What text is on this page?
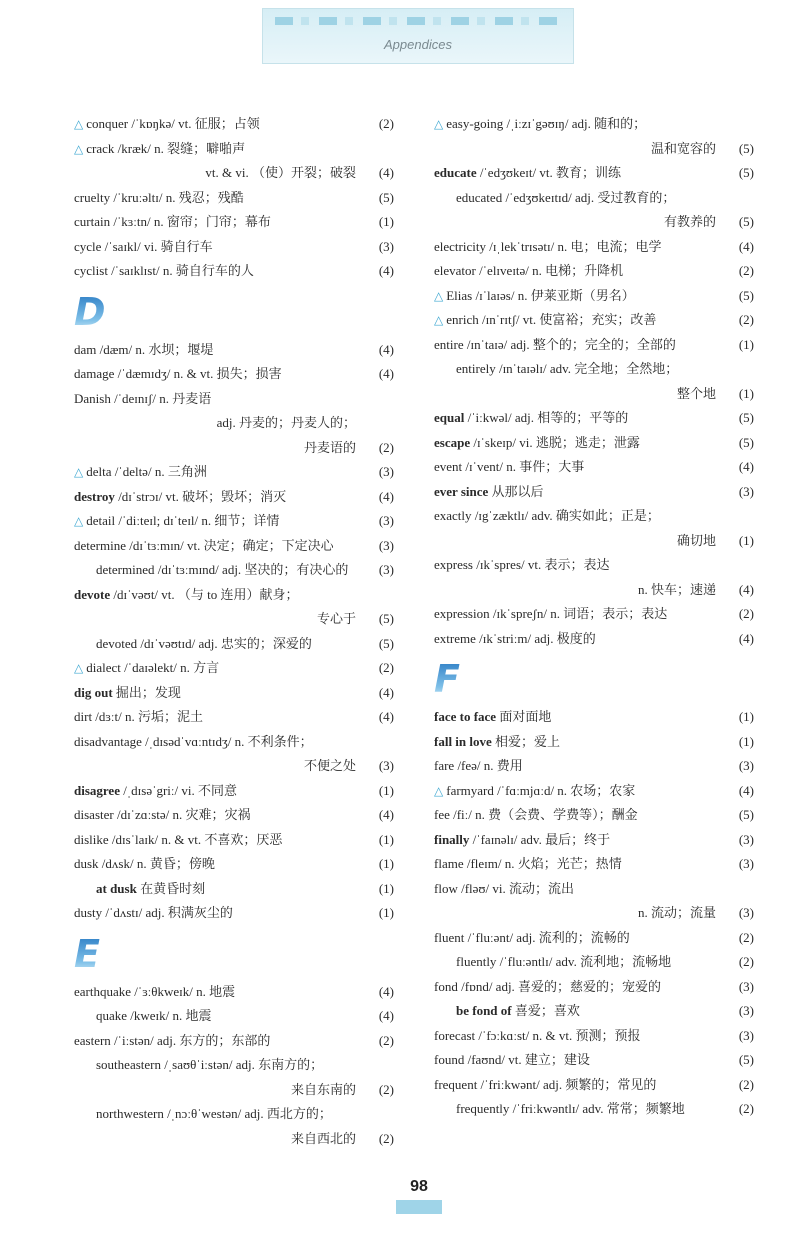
Appendices
△ conquer /ˈkɒŋkə/ vt. 征服；占领	(2)
△ crack /kræk/ n. 裂缝；噼啪声
vt. & vi. （使）开裂；破裂 (4)
cruelty /ˈkruːəltɪ/ n. 残忍；残酷	(5)
curtain /ˈkɜːtn/ n. 窗帘；门帘；幕布	(1)
cycle /ˈsaɪkl/ vi. 骑自行车	(3)
cyclist /ˈsaɪklɪst/ n. 骑自行车的人	(4)
D
dam /dæm/ n. 水坝；堰堤	(4)
damage /ˈdæmɪdʒ/ n. & vt. 损失；损害	(4)
Danish /ˈdeɪnɪʃ/ n. 丹麦语
adj. 丹麦的；丹麦人的；
丹麦语的 (2)
△ delta /ˈdeltə/ n. 三角洲	(3)
destroy /dɪˈstrɔɪ/ vt. 破坏；毁坏；消灭	(4)
△ detail /ˈdiːteɪl; dɪˈteɪl/ n. 细节；详情	(3)
determine /dɪˈtɜːmɪn/ vt. 决定；确定；下定决心	(3)
determined /dɪˈtɜːmɪnd/ adj. 坚决的；有决心的 (3)
devote /dɪˈvəʊt/ vt. （与 to 连用）献身；
专心于 (5)
devoted /dɪˈvəʊtɪd/ adj. 忠实的；深爱的	(5)
△ dialect /ˈdaɪəlekt/ n. 方言	(2)
dig out 掘出；发现	(4)
dirt /dɜːt/ n. 污垢；泥土	(4)
disadvantage /ˌdɪsədˈvɑːntɪdʒ/ n. 不利条件；
不便之处 (3)
disagree /ˌdɪsəˈgriː/ vi. 不同意	(1)
disaster /dɪˈzɑːstə/ n. 灾难；灾祸	(4)
dislike /dɪsˈlaɪk/ n. & vt. 不喜欢；厌恶	(1)
dusk /dʌsk/ n. 黄昏；傍晚	(1)
at dusk 在黄昏时刻	(1)
dusty /ˈdʌstɪ/ adj. 积满灰尘的	(1)
E
earthquake /ˈɜːθkweɪk/ n. 地震	(4)
quake /kweɪk/ n. 地震	(4)
eastern /ˈiːstən/ adj. 东方的；东部的	(2)
southeastern /ˌsaʊθˈiːstən/ adj. 东南方的；
来自东南的 (2)
northwestern /ˌnɔːθˈwestən/ adj. 西北方的；
来自西北的 (2)
△ easy-going /ˌiːzɪˈgəʊɪŋ/ adj. 随和的；
温和宽容的 (5)
educate /ˈedʒʊkeɪt/ vt. 教育；训练	(5)
educated /ˈedʒʊkeɪtɪd/ adj. 受过教育的；
有教养的 (5)
electricity /ɪˌlekˈtrɪsətɪ/ n. 电；电流；电学	(4)
elevator /ˈelɪveɪtə/ n. 电梯；升降机	(2)
△ Elias /ɪˈlaɪəs/ n. 伊莱亚斯（男名）	(5)
△ enrich /ɪnˈrɪtʃ/ vt. 使富裕；充实；改善	(2)
entire /ɪnˈtaɪə/ adj. 整个的；完全的；全部的	(1)
entirely /ɪnˈtaɪəlɪ/ adv. 完全地；全然地；
整个地 (1)
equal /ˈiːkwəl/ adj. 相等的；平等的	(5)
escape /ɪˈskeɪp/ vi. 逃脱；逃走；泄露	(5)
event /ɪˈvent/ n. 事件；大事	(4)
ever since 从那以后	(3)
exactly /ɪgˈzæktlɪ/ adv. 确实如此；正是；
确切地 (1)
express /ɪkˈspres/ vt. 表示；表达
n. 快车；速递 (4)
expression /ɪkˈspreʃn/ n. 词语；表示；表达	(2)
extreme /ɪkˈstriːm/ adj. 极度的	(4)
F
face to face 面对面地	(1)
fall in love 相爱；爱上	(1)
fare /feə/ n. 费用	(3)
△ farmyard /ˈfɑːmjɑːd/ n. 农场；农家	(4)
fee /fiː/ n. 费（会费、学费等）；酬金	(5)
finally /ˈfaɪnəlɪ/ adv. 最后；终于	(3)
flame /fleɪm/ n. 火焰；光芒；热情	(3)
flow /fləʊ/ vi. 流动；流出
n. 流动；流量 (3)
fluent /ˈfluːənt/ adj. 流利的；流畅的	(2)
fluently /ˈfluːəntlɪ/ adv. 流利地；流畅地	(2)
fond /fɒnd/ adj. 喜爱的；慈爱的；宠爱的	(3)
be fond of 喜爱；喜欢	(3)
forecast /ˈfɔːkɑːst/ n. & vt. 预测；预报	(3)
found /faʊnd/ vt. 建立；建设	(5)
frequent /ˈfriːkwənt/ adj. 频繁的；常见的	(2)
frequently /ˈfriːkwəntlɪ/ adv. 常常；频繁地	(2)
98
